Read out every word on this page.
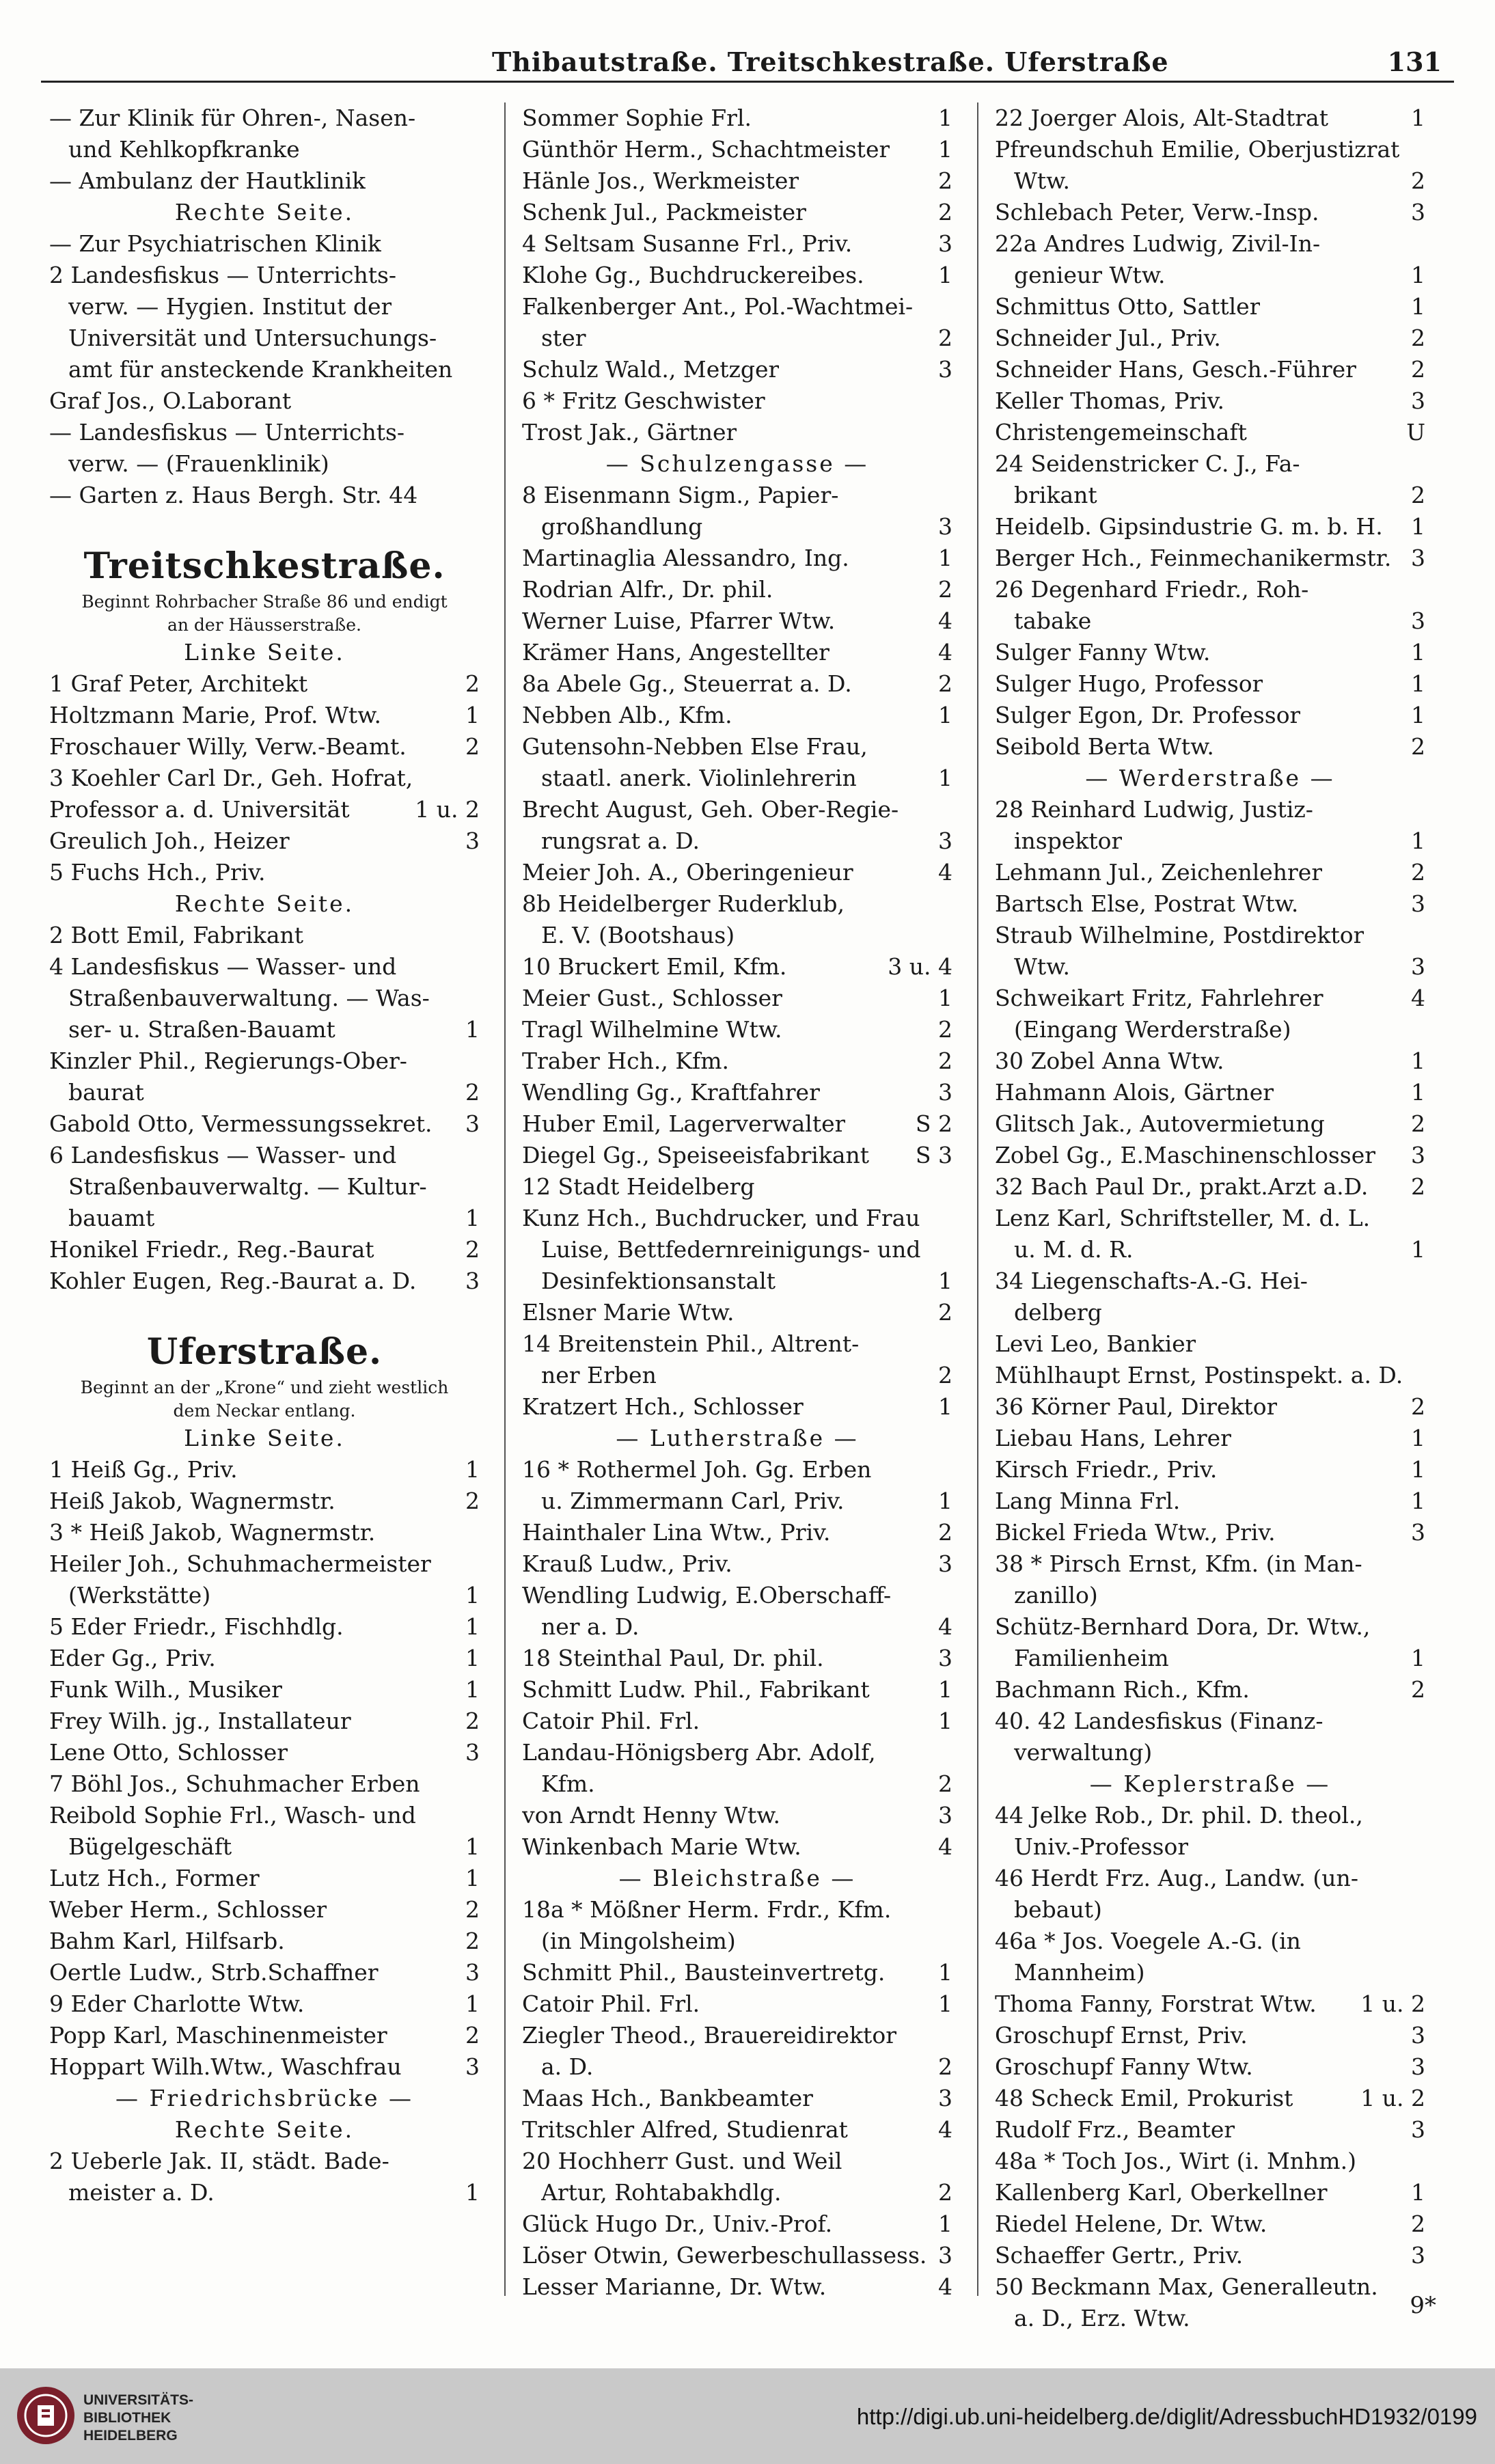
Thibautstraße. Treitschkestraße. Uferstraße	131
— Zur Klinik für Ohren-, Nasen-
und Kehlkopfkranke
— Ambulanz der Hautklinik
Rechte Seite.
— Zur Psychiatrischen Klinik
2 Landesfiskus — Unterrichts-
verw. — Hygien. Institut der
Universität und Untersuchungs-
amt für ansteckende Krankheiten
Graf Jos., O.Laborant
— Landesfiskus — Unterrichts-
verw. — (Frauenklinik)
— Garten z. Haus Bergh. Str. 44
Treitschkestraße.
Beginnt Rohrbacher Straße 86 und endigt
an der Häusserstraße.
Linke Seite.
1 Graf Peter, Architekt	2
Holtzmann Marie, Prof. Wtw.	1
Froschauer Willy, Verw.-Beamt.	2
3 Koehler Carl Dr., Geh. Hofrat,
Professor a. d. Universität	1 u. 2
Greulich Joh., Heizer	3
5 Fuchs Hch., Priv.
Rechte Seite.
2 Bott Emil, Fabrikant
4 Landesfiskus — Wasser- und
Straßenbauverwaltung. — Was-
ser- u. Straßen-Bauamt	1
Kinzler Phil., Regierungs-Ober-
baurat	2
Gabold Otto, Vermessungssekret. 3
6 Landesfiskus — Wasser- und
Straßenbauverwaltg. — Kultur-
bauamt	1
Honikel Friedr., Reg.-Baurat	2
Kohler Eugen, Reg.-Baurat a. D. 3
Uferstraße.
Beginnt an der „Krone“ und zieht westlich
dem Neckar entlang.
Linke Seite.
1 Heiß Gg., Priv.	1
Heiß Jakob, Wagnermstr.	2
3 * Heiß Jakob, Wagnermstr.
Heiler Joh., Schuhmachermeister
(Werkstätte)	1
5 Eder Friedr., Fischhdlg.	1
Eder Gg., Priv.	1
Funk Wilh., Musiker	1
Frey Wilh. jg., Installateur	2
Lene Otto, Schlosser	3
7 Böhl Jos., Schuhmacher Erben
Reibold Sophie Frl., Wasch- und
Bügelgeschäft	1
Lutz Hch., Former	1
Weber Herm., Schlosser	2
Bahm Karl, Hilfsarb.	2
Oertle Ludw., Strb.Schaffner	3
9 Eder Charlotte Wtw.	1
Popp Karl, Maschinenmeister	2
Hoppart Wilh.Wtw., Waschfrau	3
— Friedrichsbrücke —
Rechte Seite.
2 Ueberle Jak. II, städt. Bade-
meister a. D.	1
Sommer Sophie Frl.	1
Günthör Herm., Schachtmeister 1
Hänle Jos., Werkmeister	2
Schenk Jul., Packmeister	2
4 Seltsam Susanne Frl., Priv.	3
Klohe Gg., Buchdruckereibes.	1
Falkenberger Ant., Pol.-Wachtmei-
ster	2
Schulz Wald., Metzger	3
6 * Fritz Geschwister
Trost Jak., Gärtner
— Schulzengasse —
8 Eisenmann Sigm., Papier-
großhandlung	3
Martinaglia Alessandro, Ing.	1
Rodrian Alfr., Dr. phil.	2
Werner Luise, Pfarrer Wtw.	4
Krämer Hans, Angestellter	4
8a Abele Gg., Steuerrat a. D.	2
Nebben Alb., Kfm.	1
Gutensohn-Nebben Else Frau,
staatl. anerk. Violinlehrerin	1
Brecht August, Geh. Ober-Regie-
rungsrat a. D.	3
Meier Joh. A., Oberingenieur	4
8b Heidelberger Ruderklub,
E. V. (Bootshaus)
10 Bruckert Emil, Kfm.	3 u. 4
Meier Gust., Schlosser	1
Tragl Wilhelmine Wtw.	2
Traber Hch., Kfm.	2
Wendling Gg., Kraftfahrer	3
Huber Emil, Lagerverwalter	S 2
Diegel Gg., Speiseeisfabrikant S 3
12 Stadt Heidelberg
Kunz Hch., Buchdrucker, und Frau
Luise, Bettfedernreinigungs- und
Desinfektionsanstalt	1
Elsner Marie Wtw.	2
14 Breitenstein Phil., Altrent-
ner Erben	2
Kratzert Hch., Schlosser	1
— Lutherstraße —
16 * Rothermel Joh. Gg. Erben
u. Zimmermann Carl, Priv.	1
Hainthaler Lina Wtw., Priv.	2
Krauß Ludw., Priv.	3
Wendling Ludwig, E.Oberschaff-
ner a. D.	4
18 Steinthal Paul, Dr. phil.	3
Schmitt Ludw. Phil., Fabrikant	1
Catoir Phil. Frl.	1
Landau-Hönigsberg Abr. Adolf,
Kfm.	2
von Arndt Henny Wtw.	3
Winkenbach Marie Wtw.	4
— Bleichstraße —
18a * Mößner Herm. Frdr., Kfm.
(in Mingolsheim)
Schmitt Phil., Bausteinvertretg. 1
Catoir Phil. Frl.	1
Ziegler Theod., Brauereidirektor
a. D.	2
Maas Hch., Bankbeamter	3
Tritschler Alfred, Studienrat	4
20 Hochherr Gust. und Weil
Artur, Rohtabakhdlg.	2
Glück Hugo Dr., Univ.-Prof.	1
Löser Otwin, Gewerbeschullassess. 3
Lesser Marianne, Dr. Wtw.	4
22 Joerger Alois, Alt-Stadtrat	1
Pfreundschuh Emilie, Oberjustizrat
Wtw.	2
Schlebach Peter, Verw.-Insp.	3
22a Andres Ludwig, Zivil-In-
genieur Wtw.	1
Schmittus Otto, Sattler	1
Schneider Jul., Priv.	2
Schneider Hans, Gesch.-Führer 2
Keller Thomas, Priv.	3
Christengemeinschaft	U
24 Seidenstricker C. J., Fa-
brikant	2
Heidelb. Gipsindustrie G. m. b. H. 1
Berger Hch., Feinmechanikermstr. 3
26 Degenhard Friedr., Roh-
tabake	3
Sulger Fanny Wtw.	1
Sulger Hugo, Professor	1
Sulger Egon, Dr. Professor	1
Seibold Berta Wtw.	2
— Werderstraße —
28 Reinhard Ludwig, Justiz-
inspektor	1
Lehmann Jul., Zeichenlehrer	2
Bartsch Else, Postrat Wtw.	3
Straub Wilhelmine, Postdirektor
Wtw.	3
Schweikart Fritz, Fahrlehrer	4
(Eingang Werderstraße)
30 Zobel Anna Wtw.	1
Hahmann Alois, Gärtner	1
Glitsch Jak., Autovermietung	2
Zobel Gg., E.Maschinenschlosser 3
32 Bach Paul Dr., prakt.Arzt a.D. 2
Lenz Karl, Schriftsteller, M. d. L.
u. M. d. R.	1
34 Liegenschafts-A.-G. Hei-
delberg
Levi Leo, Bankier
Mühlhaupt Ernst, Postinspekt. a. D.
36 Körner Paul, Direktor	2
Liebau Hans, Lehrer	1
Kirsch Friedr., Priv.	1
Lang Minna Frl.	1
Bickel Frieda Wtw., Priv.	3
38 * Pirsch Ernst, Kfm. (in Man-
zanillo)
Schütz-Bernhard Dora, Dr. Wtw.,
Familienheim	1
Bachmann Rich., Kfm.	2
40. 42 Landesfiskus (Finanz-
verwaltung)
— Keplerstraße —
44 Jelke Rob., Dr. phil. D. theol.,
Univ.-Professor
46 Herdt Frz. Aug., Landw. (un-
bebaut)
46a * Jos. Voegele A.-G. (in
Mannheim)
Thoma Fanny, Forstrat Wtw. 1 u. 2
Groschupf Ernst, Priv.	3
Groschupf Fanny Wtw.	3
48 Scheck Emil, Prokurist	1 u. 2
Rudolf Frz., Beamter	3
48a * Toch Jos., Wirt (i. Mnhm.)
Kallenberg Karl, Oberkellner	1
Riedel Helene, Dr. Wtw.	2
Schaeffer Gertr., Priv.	3
50 Beckmann Max, Generalleutn.
a. D., Erz. Wtw.	9*
UNIVERSITÄTS-
BIBLIOTHEK
HEIDELBERG
http://digi.ub.uni-heidelberg.de/diglit/AdressbuchHD1932/0199
